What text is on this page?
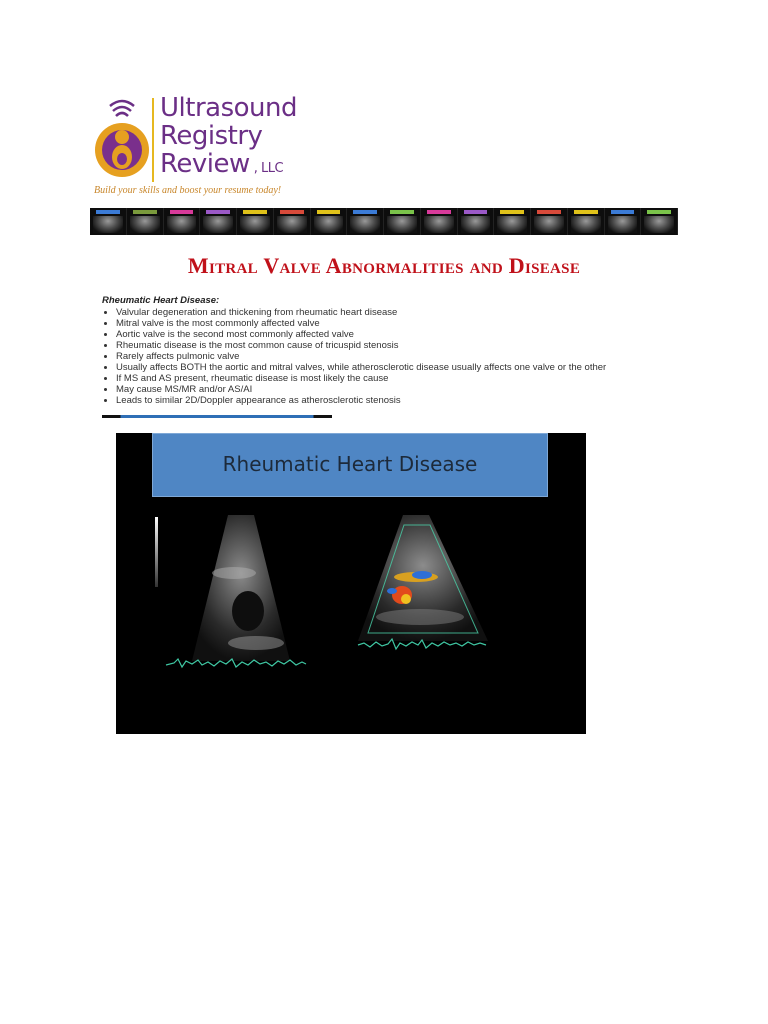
Ultrasound
Registry
Review , LLC
Build your skills and boost your resume today!
Mitral Valve Abnormalities and Disease
Rheumatic Heart Disease:
• Valvular degeneration and thickening from rheumatic heart disease
• Mitral valve is the most commonly affected valve
• Aortic valve is the second most commonly affected valve
• Rheumatic disease is the most common cause of tricuspid stenosis
• Rarely affects pulmonic valve
• Usually affects BOTH the aortic and mitral valves, while atherosclerotic disease usually affects one valve or the other
• If MS and AS present, rheumatic disease is most likely the cause
• May cause MS/MR and/or AS/AI
• Leads to similar 2D/Doppler appearance as atherosclerotic stenosis
Rheumatic Heart Disease
